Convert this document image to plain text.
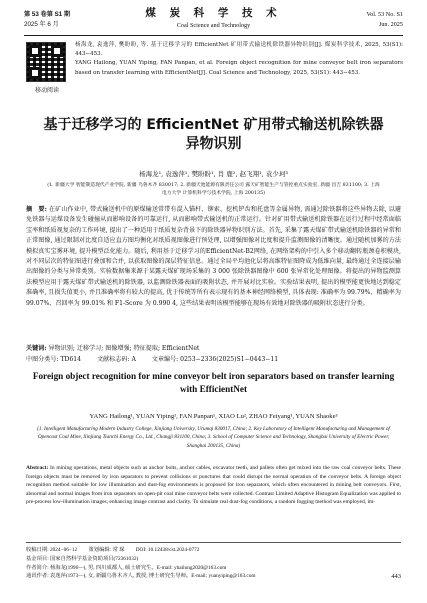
第 53 卷第 S1 期
2025 年 6 月
煤 炭 科 学 技 术
Coal Science and Technology
Vol. 53 No. S1
Jun. 2025
移动阅读
杨海龙, 袁逸萍, 樊盼盼, 等. 基于迁移学习的 EfficientNet 矿用带式输送机除铁器异物识别[J]. 煤炭科学技术, 2025, 53(S1): 443−453.
YANG Hailong, YUAN Yiping, FAN Panpan, et al. Foreign object recognition for mine conveyor belt iron separators based on transfer learning with EfficientNet[J]. Coal Science and Technology, 2025, 53(S1): 443−453.
基于迁移学习的 EfficientNet 矿用带式输送机除铁器异物识别
杨海龙¹, 袁逸萍¹, 樊盼盼¹, 肖 鹿², 赵飞翔¹, 袁少珂³
(1. 新疆大学 智能制造现代产业学院, 新疆 乌鲁木齐 830017; 2. 新疆天池能源有限责任公司 露天矿智能生产与管控重点实验室, 新疆 昌吉 831100; 3. 上海电力大学 计算机科学与技术学院, 上海 200135)
摘　要: 在矿山作业中, 带式输送机中的原煤输送常带有混入锚杆、铆索、挖机铲齿和托盘等金属异物, 需通过除铁器将这些异物去除, 以避免铁器与运煤设备发生碰撞从而影响设备的可靠运行, 从而影响带式输送机的正常运行。针对矿用带式输送机除铁器在运行过程中经常面临宝率和纸质视复杂的工作环境, 提出了一种适用于纸质复杂背景下的除铁器异物识别方法。首先, 采集了露天煤矿带式输送机除铁器的异常和正常图像, 通过限制对比度自适应直方图均衡化对纸质视图像进行预处理, 以增强图像对比度和提升监测图像的清晰度。通过随机加雾的方法模拟真实宝雾环境, 提升模型泛化能力。随后, 利用基于迁移学习的EfficientNet-B2网络, 在网络架构的中引入多个移动翻转瓶颈卷积模块, 对不同层次的特征图进行叠加和合并, 以获取图像的深层特征信息。通过全局平均池化层将高维特征图降成为低维向量, 最终通过全连接层输出图像的分类与异常类别。实验数据集来源于某露天煤矿现场采集的 3 000 张除铁器图像中 600 张异常化处理图像。将提出的异物监测算法模型应用于露天煤矿带式输送机的除铁器, 以监测除铁器表面的吸附状态, 并开展对比实验。实验结果表明, 提出的模型能更快地达到稳定准确率, 且损失值更小, 并且准确率将有较大的提高, 优于传统等所有表示现有的基本神经网络模型, 具体表现: 准确率为 99.79%、精确率为 99.07%、召回率为 99.01% 和 F1-Score 为 0.990 4, 这些结果表明该模型能够在现场有效地对除铁器的吸附状态进行分类。
关键词: 异物识别; 迁移学习; 图像增强; 特征提取; EfficientNet
中图分类号: TD614	文献标志码: A	文章编号: 0253−2336(2025)S1−0443−11
Foreign object recognition for mine conveyor belt iron separators based on transfer learning with EfficientNet
YANG Hailong¹, YUAN Yiping¹, FAN Panpan¹, XIAO Lu², ZHAO Feiyang¹, YUAN Shaoke³
(1. Intelligent Manufacturing Modern Industry College, Xinjiang University, Urumqi 830017, China; 2. Key Laboratory of Intelligent Manufacturing and Management of Opencast Coal Mine, Xinjiang Tianchi Energy Co., Ltd., Changji 831100, China; 3. School of Computer Science and Technology, Shanghai University of Electric Power, Shanghai 200135, China)
Abstract: In mining operations, metal objects such as anchor bolts, anchor cables, excavator teeth, and pallets often get mixed into the raw coal conveyor belts. These foreign objects must be removed by iron separators to prevent collisions or punctures that could disrupt the normal operation of the conveyor belts. A foreign object recognition method suitable for low illumination and dust-fog environments is proposed for iron separators, which often encountered in mining belt conveyors. First, abnormal and normal images from iron separators on open-pit coal mine conveyor belts were collected. Contrast Limited Adaptive Histogram Equalization was applied to pre-process low-illumination images, enhancing image contrast and clarity. To simulate real dust-fog conditions, a random fogging method was employed, im-
收稿日期: 2024−06−12 策划编辑: 常 琛 DOI: 10.12438/cst.2024-0772
基金项目: 国家自然科学基金资助项目(72361032)
作者简介: 杨海龙(1996—), 男, 四川成都人, 硕士研究生。E-mail: yhailong2020@163.com
通讯作者: 袁逸萍(1973—), 女, 新疆乌鲁木齐人, 教授, 博士研究生导师。E-mail: yuanyiping@163.com	443
